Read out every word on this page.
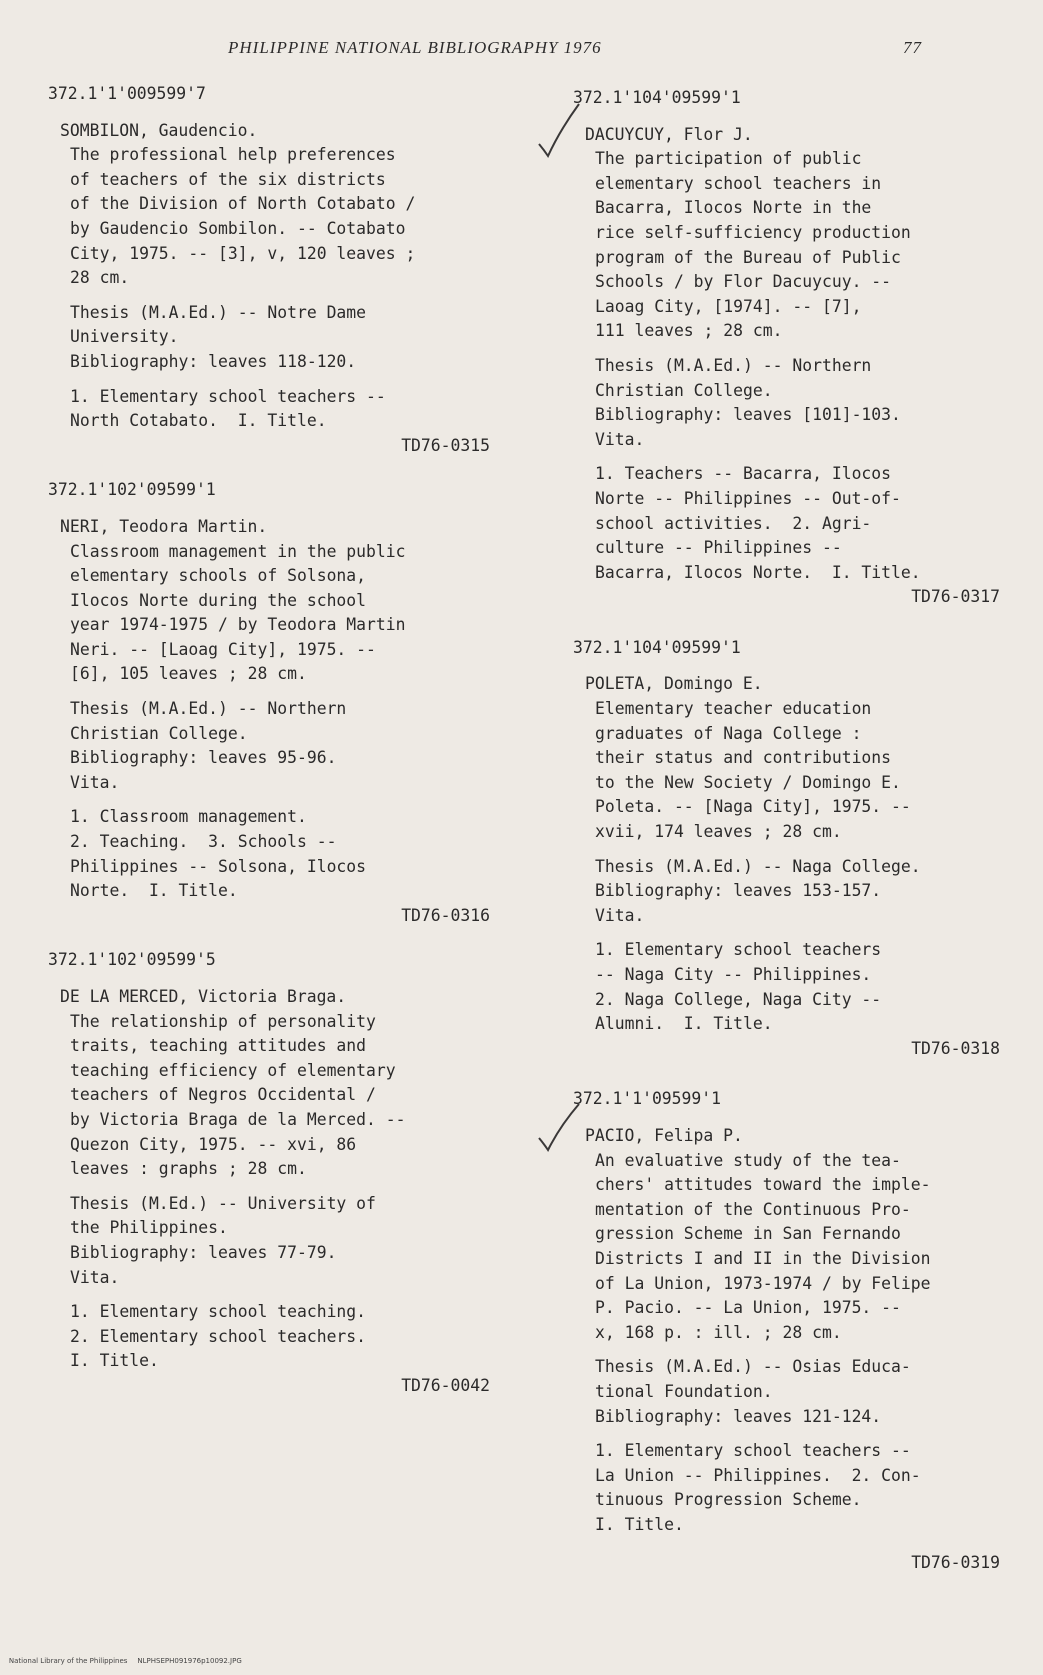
PHILIPPINE NATIONAL BIBLIOGRAPHY 1976	77
372.1'1'009599'7
SOMBILON, Gaudencio.
The professional help preferences
of teachers of the six districts
of the Division of North Cotabato /
by Gaudencio Sombilon. -- Cotabato
City, 1975. -- [3], v, 120 leaves ;
28 cm.
Thesis (M.A.Ed.) -- Notre Dame
University.
Bibliography: leaves 118-120.
1. Elementary school teachers --
North Cotabato.  I. Title.
TD76-0315
372.1'102'09599'1
NERI, Teodora Martin.
Classroom management in the public
elementary schools of Solsona,
Ilocos Norte during the school
year 1974-1975 / by Teodora Martin
Neri. -- [Laoag City], 1975. --
[6], 105 leaves ; 28 cm.
Thesis (M.A.Ed.) -- Northern
Christian College.
Bibliography: leaves 95-96.
Vita.
1. Classroom management.
2. Teaching.  3. Schools --
Philippines -- Solsona, Ilocos
Norte.  I. Title.
TD76-0316
372.1'102'09599'5
DE LA MERCED, Victoria Braga.
The relationship of personality
traits, teaching attitudes and
teaching efficiency of elementary
teachers of Negros Occidental /
by Victoria Braga de la Merced. --
Quezon City, 1975. -- xvi, 86
leaves : graphs ; 28 cm.
Thesis (M.Ed.) -- University of
the Philippines.
Bibliography: leaves 77-79.
Vita.
1. Elementary school teaching.
2. Elementary school teachers.
I. Title.
TD76-0042
372.1'104'09599'1
DACUYCUY, Flor J.
The participation of public
elementary school teachers in
Bacarra, Ilocos Norte in the
rice self-sufficiency production
program of the Bureau of Public
Schools / by Flor Dacuycuy. --
Laoag City, [1974]. -- [7],
111 leaves ; 28 cm.
Thesis (M.A.Ed.) -- Northern
Christian College.
Bibliography: leaves [101]-103.
Vita.
1. Teachers -- Bacarra, Ilocos
Norte -- Philippines -- Out-of-
school activities.  2. Agri-
culture -- Philippines --
Bacarra, Ilocos Norte.  I. Title.
TD76-0317
372.1'104'09599'1
POLETA, Domingo E.
Elementary teacher education
graduates of Naga College :
their status and contributions
to the New Society / Domingo E.
Poleta. -- [Naga City], 1975. --
xvii, 174 leaves ; 28 cm.
Thesis (M.A.Ed.) -- Naga College.
Bibliography: leaves 153-157.
Vita.
1. Elementary school teachers
-- Naga City -- Philippines.
2. Naga College, Naga City --
Alumni.  I. Title.
TD76-0318
372.1'1'09599'1
PACIO, Felipa P.
An evaluative study of the tea-
chers' attitudes toward the imple-
mentation of the Continuous Pro-
gression Scheme in San Fernando
Districts I and II in the Division
of La Union, 1973-1974 / by Felipe
P. Pacio. -- La Union, 1975. --
x, 168 p. : ill. ; 28 cm.
Thesis (M.A.Ed.) -- Osias Educa-
tional Foundation.
Bibliography: leaves 121-124.
1. Elementary school teachers --
La Union -- Philippines.  2. Con-
tinuous Progression Scheme.
I. Title.
TD76-0319

National Library of the Philippines NLPHSEPH091976p10092.JPG
